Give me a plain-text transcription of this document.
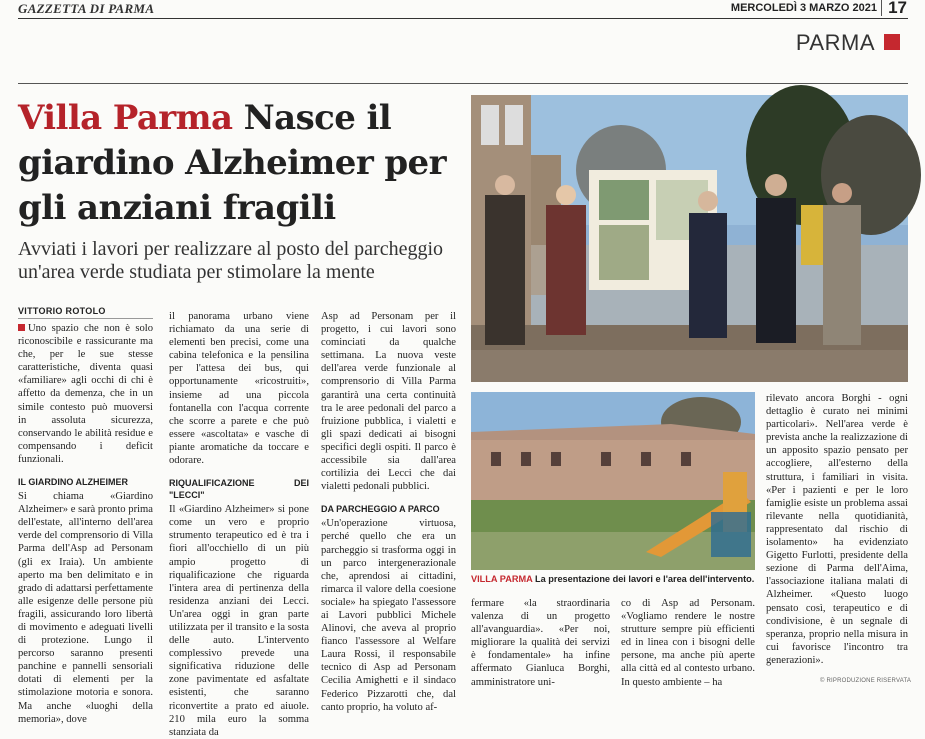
GAZZETTA DI PARMA	MERCOLEDÌ 3 MARZO 2021 17
PARMA
Villa Parma Nasce il giardino Alzheimer per gli anziani fragili
Avviati i lavori per realizzare al posto del parcheggio un'area verde studiata per stimolare la mente
VITTORIO ROTOLO

Uno spazio che non è solo riconoscibile e rassicurante ma che, per le sue stesse caratteristiche, diventa quasi «familiare» agli occhi di chi è affetto da demenza, che in un simile contesto può muoversi in assoluta sicurezza, conservando le abilità residue e compensando i deficit funzionali.

IL GIARDINO ALZHEIMER

Si chiama «Giardino Alzheimer» e sarà pronto prima dell'estate, all'interno dell'area verde del comprensorio di Villa Parma dell'Asp ad Personam (gli ex Iraia). Un ambiente aperto ma ben delimitato e in grado di adattarsi perfettamente alle esigenze delle persone più fragili, assicurando loro libertà di movimento e adeguati livelli di protezione. Lungo il percorso saranno presenti panchine e pannelli sensoriali dotati di elementi per la stimolazione motoria e sonora. Ma anche «luoghi della memoria», dove

il panorama urbano viene richiamato da una serie di elementi ben precisi, come una cabina telefonica e la pensilina per l'attesa dei bus, qui opportunamente «ricostruiti», insieme ad una piccola fontanella con l'acqua corrente che scorre a parete e che può essere «ascoltata» e vasche di piante aromatiche da toccare e odorare.

RIQUALIFICAZIONE DEI "LECCI"

Il «Giardino Alzheimer» si pone come un vero e proprio strumento terapeutico ed è tra i fiori all'occhiello di un più ampio progetto di riqualificazione che riguarda l'intera area di pertinenza della residenza anziani dei Lecci. Un'area oggi in gran parte utilizzata per il transito e la sosta delle auto. L'intervento complessivo prevede una significativa riduzione delle zone pavimentate ed asfaltate esistenti, che saranno riconvertite a prato ed aiuole. 210 mila euro la somma stanziata da

Asp ad Personam per il progetto, i cui lavori sono cominciati da qualche settimana. La nuova veste dell'area verde funzionale al comprensorio di Villa Parma garantirà una certa continuità tra le aree pedonali del parco a fruizione pubblica, i vialetti e gli spazi dedicati ai bisogni specifici degli ospiti. Il parco è accessibile sia dall'area cortilizia dei Lecci che dai vialetti pedonali pubblici.

DA PARCHEGGIO A PARCO

«Un'operazione virtuosa, perché quello che era un parcheggio si trasforma oggi in un parco intergenerazionale che, aprendosi ai cittadini, rimarca il valore della coesione sociale» ha spiegato l'assessore ai Lavori pubblici Michele Alinovi, che aveva al proprio fianco l'assessore al Welfare Laura Rossi, il responsabile tecnico di Asp ad Personam Cecilia Amighetti e il sindaco Federico Pizzarotti che, dal canto proprio, ha voluto af-

VILLA PARMA La presentazione dei lavori e l'area dell'intervento.

fermare «la straordinaria valenza di un progetto all'avanguardia». «Per noi, migliorare la qualità dei servizi è fondamentale» ha infine affermato Gianluca Borghi, amministratore uni-

co di Asp ad Personam. «Vogliamo rendere le nostre strutture sempre più efficienti ed in linea con i bisogni delle persone, ma anche più aperte alla città ed al contesto urbano. In questo ambiente – ha

rilevato ancora Borghi - ogni dettaglio è curato nei minimi particolari». Nell'area verde è prevista anche la realizzazione di un apposito spazio pensato per accogliere, all'esterno della struttura, i familiari in visita. «Per i pazienti e per le loro famiglie esiste un problema assai rilevante nella quotidianità, rappresentato dal rischio di isolamento» ha evidenziato Gigetto Furlotti, presidente della sezione di Parma dell'Aima, l'associazione italiana malati di Alzheimer. «Questo luogo pensato così, terapeutico e di condivisione, è un segnale di speranza, proprio nella misura in cui favorisce l'incontro tra generazioni».

© RIPRODUZIONE RISERVATA
